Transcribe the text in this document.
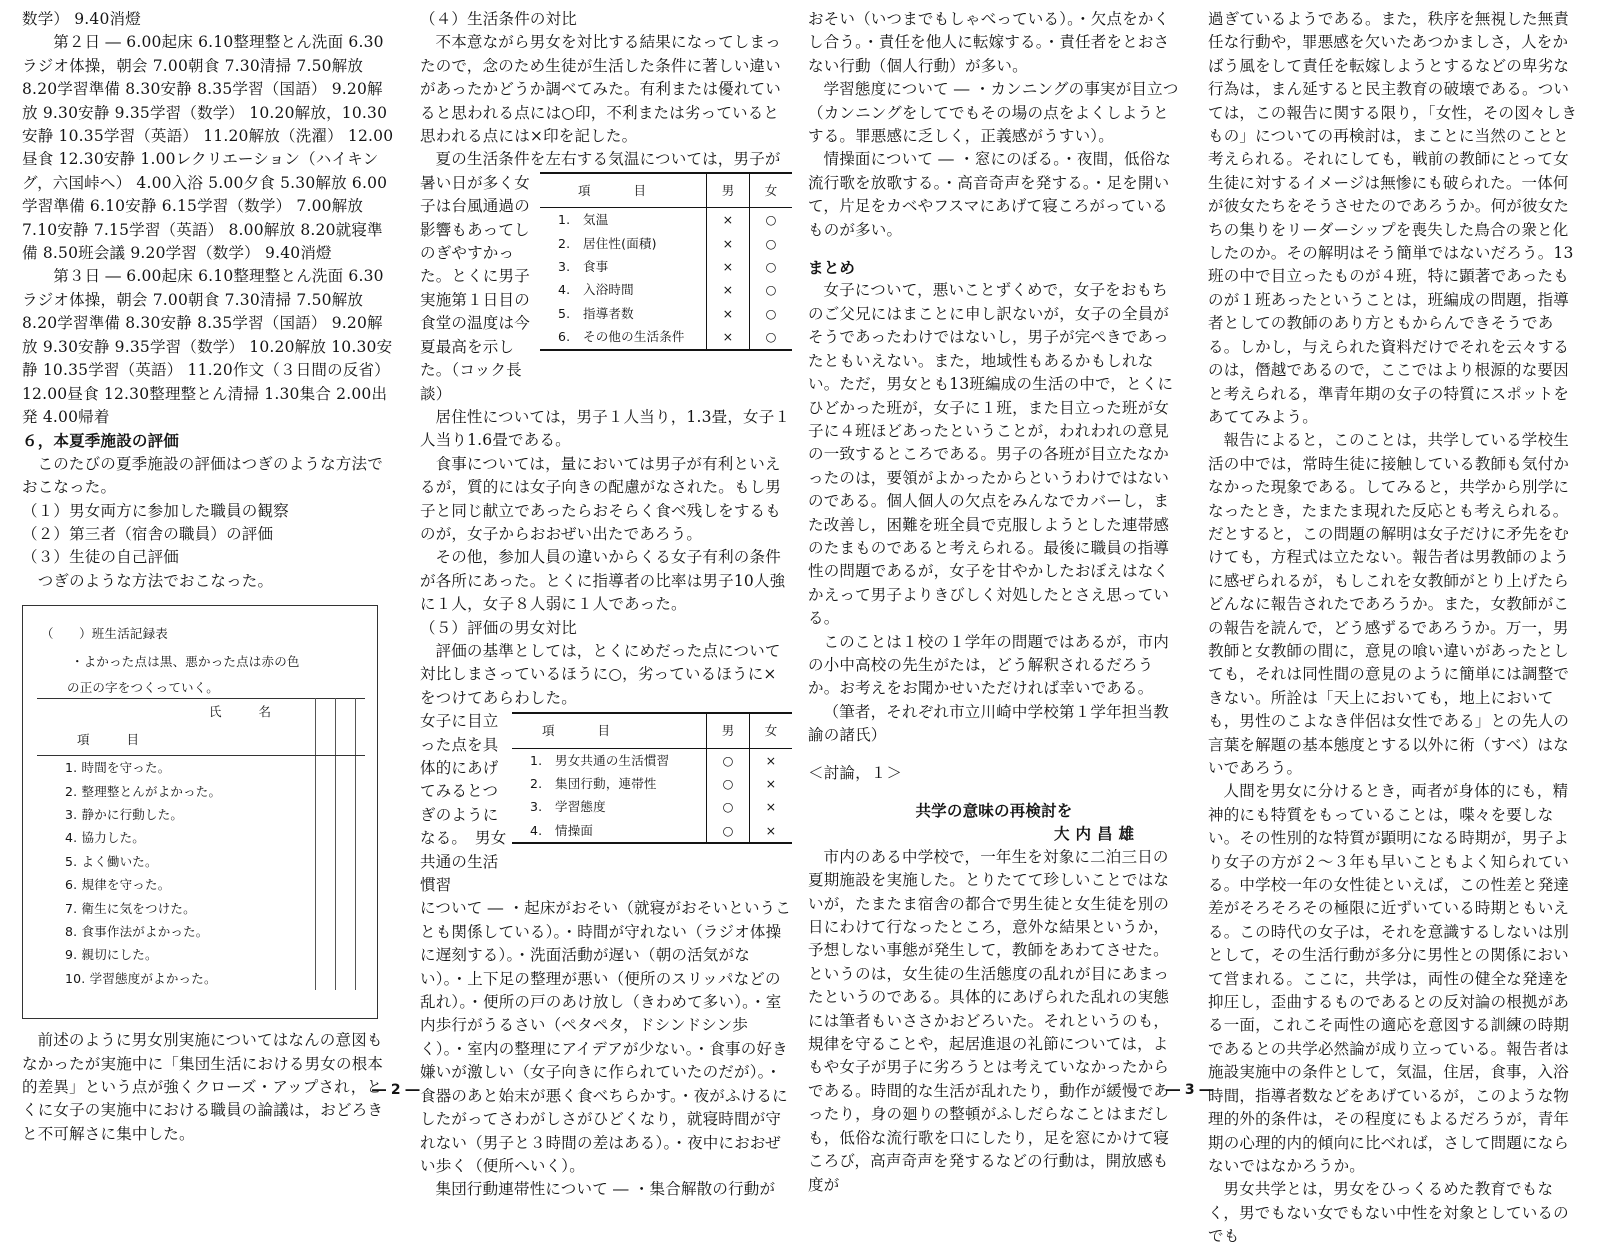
数学） 9.40消燈

　第２日 ― 6.00起床 6.10整理整とん洗面 6.30ラジオ体操，朝会 7.00朝食 7.30清掃 7.50解放 8.20学習準備 8.30安静 8.35学習（国語） 9.20解放 9.30安静 9.35学習（数学） 10.20解放，10.30安静 10.35学習（英語） 11.20解放（洗濯） 12.00昼食 12.30安静 1.00レクリエーション（ハイキング，六国峠へ） 4.00入浴 5.00夕食 5.30解放 6.00学習準備 6.10安静 6.15学習（数学） 7.00解放 7.10安静 7.15学習（英語） 8.00解放 8.20就寝準備 8.50班会議 9.20学習（数学） 9.40消燈

　第３日 ― 6.00起床 6.10整理整とん洗面 6.30ラジオ体操，朝会 7.00朝食 7.30清掃 7.50解放 8.20学習準備 8.30安静 8.35学習（国語） 9.20解放 9.30安静 9.35学習（数学） 10.20解放 10.30安静 10.35学習（英語） 11.20作文（３日間の反省） 12.00昼食 12.30整理整とん清掃 1.30集合 2.00出発 4.00帰着

６，本夏季施設の評価

このたびの夏季施設の評価はつぎのような方法でおこなった。

（１）男女両方に参加した職員の観察

（２）第三者（宿舎の職員）の評価

（３）生徒の自己評価

　つぎのような方法でおこなった。

（　　）班生活記録表
・よかった点は黒、悪かった点は赤の色
の正の字をつくっていく。
氏　　名			
項　　目			
1. 時間を守った。			
2. 整理整とんがよかった。			
3. 静かに行動した。			
4. 協力した。			
5. よく働いた。			
6. 規律を守った。			
7. 衛生に気をつけた。			
8. 食事作法がよかった。			
9. 親切にした。			
10. 学習態度がよかった。			

前述のように男女別実施についてはなんの意図もなかったが実施中に「集団生活における男女の根本的差異」という点が強くクローズ・アップされ，とくに女子の実施中における職員の論議は，おどろきと不可解さに集中した。

（４）生活条件の対比

不本意ながら男女を対比する結果になってしまったので，念のため生徒が生活した条件に著しい違いがあったかどうか調べてみた。有利または優れていると思われる点には○印，不利または劣っていると思われる点には×印を記した。

夏の生活条件を左右する気温については，男子が

暑い日が多く女子は台風通過の影響もあってしのぎやすかった。とくに男子実施第１日目の食堂の温度は今夏最高を示した。（コック長談）
項　　目	男	女
1.　気温	×	○
2.　居住性(面積)	×	○
3.　食事	×	○
4.　入浴時間	×	○
5.　指導者数	×	○
6.　その他の生活条件	×	○

居住性については，男子１人当り，1.3畳，女子１人当り1.6畳である。

食事については，量においては男子が有利といえるが，質的には女子向きの配慮がなされた。もし男子と同じ献立であったらおそらく食べ残しをするものが，女子からおおぜい出たであろう。

その他，参加人員の違いからくる女子有利の条件が各所にあった。とくに指導者の比率は男子10人強に１人，女子８人弱に１人であった。

（５）評価の男女対比

評価の基準としては，とくにめだった点について対比しまさっているほうに○，劣っているほうに×をつけてあらわした。

女子に目立った点を具体的にあげてみるとつぎのようになる。　男女共通の生活慣習
項　　目	男	女
1.　男女共通の生活慣習	○	×
2.　集団行動，連帯性	○	×
3.　学習態度	○	×
4.　情操面	○	×

について ― ・起床がおそい（就寝がおそいということも関係している）。・時間が守れない（ラジオ体操に遅刻する）。・洗面活動が遅い（朝の活気がない）。・上下足の整理が悪い（便所のスリッパなどの乱れ）。・便所の戸のあけ放し（きわめて多い）。・室内歩行がうるさい（ペタペタ，ドシンドシン歩く）。・室内の整理にアイデアが少ない。・食事の好き嫌いが激しい（女子向きに作られていたのだが）。・食器のあと始末が悪く食べちらかす。・夜がふけるにしたがってさわがしさがひどくなり，就寝時間が守れない（男子と３時間の差はある）。・夜中におおぜい歩く（便所へいく）。

集団行動連帯性について ― ・集合解散の行動が

おそい（いつまでもしゃべっている）。・欠点をかくし合う。・責任を他人に転嫁する。・責任者をとおさない行動（個人行動）が多い。

学習態度について ― ・カンニングの事実が目立つ（カンニングをしてでもその場の点をよくしようとする。罪悪感に乏しく，正義感がうすい）。

情操面について ― ・窓にのぼる。・夜間，低俗な流行歌を放歌する。・高音奇声を発する。・足を開いて，片足をカベやフスマにあげて寝ころがっているものが多い。

まとめ

女子について，悪いことずくめで，女子をおもちのご父兄にはまことに申し訳ないが，女子の全員がそうであったわけではないし，男子が完ぺきであったともいえない。また，地域性もあるかもしれない。ただ，男女とも13班編成の生活の中で，とくにひどかった班が，女子に１班，また目立った班が女子に４班ほどあったということが，われわれの意見の一致するところである。男子の各班が目立たなかったのは，要領がよかったからというわけではないのである。個人個人の欠点をみんなでカバーし，また改善し，困難を班全員で克服しようとした連帯感のたまものであると考えられる。最後に職員の指導性の問題であるが，女子を甘やかしたおぼえはなくかえって男子よりきびしく対処したとさえ思っている。

このことは１校の１学年の問題ではあるが，市内の小中高校の先生がたは，どう解釈されるだろうか。お考えをお聞かせいただければ幸いである。

（筆者，それぞれ市立川崎中学校第１学年担当教諭の諸氏）

＜討論，１＞

共学の意味の再検討を

大内昌雄

市内のある中学校で，一年生を対象に二泊三日の夏期施設を実施した。とりたてて珍しいことではないが，たまたま宿舎の都合で男生徒と女生徒を別の日にわけて行なったところ，意外な結果というか，予想しない事態が発生して，教師をあわてさせた。というのは，女生徒の生活態度の乱れが目にあまったというのである。具体的にあげられた乱れの実態には筆者もいささかおどろいた。それというのも，規律を守ることや，起居進退の礼節については，よもや女子が男子に劣ろうとは考えていなかったからである。時間的な生活が乱れたり，動作が緩慢であったり，身の廻りの整頓がふしだらなことはまだしも，低俗な流行歌を口にしたり，足を窓にかけて寝ころび，高声奇声を発するなどの行動は，開放感も度が

過ぎているようである。また，秩序を無視した無責任な行動や，罪悪感を欠いたあつかましさ，人をかばう風をして責任を転嫁しようとするなどの卑劣な行為は，まん延すると民主教育の破壊である。ついては，この報告に関する限り，「女性，その図々しきもの」についての再検討は，まことに当然のことと考えられる。それにしても，戦前の教師にとって女生徒に対するイメージは無惨にも破られた。一体何が彼女たちをそうさせたのであろうか。何が彼女たちの集りをリーダーシップを喪失した鳥合の衆と化したのか。その解明はそう簡単ではないだろう。13班の中で目立ったものが４班，特に顕著であったものが１班あったということは，班編成の問題，指導者としての教師のあり方ともからんできそうである。しかし，与えられた資料だけでそれを云々するのは，僭越であるので，ここではより根源的な要因と考えられる，準青年期の女子の特質にスポットをあててみよう。

報告によると，このことは，共学している学校生活の中では，常時生徒に接触している教師も気付かなかった現象である。してみると，共学から別学になったとき，たまたま現れた反応とも考えられる。だとすると，この問題の解明は女子だけに矛先をむけても，方程式は立たない。報告者は男教師のように感ぜられるが，もしこれを女教師がとり上げたらどんなに報告されたであろうか。また，女教師がこの報告を読んで，どう感ずるであろうか。万一，男教師と女教師の間に，意見の喰い違いがあったとしても，それは同性間の意見のように簡単には調整できない。所詮は「天上においても，地上においても，男性のこよなき伴侶は女性である」との先人の言葉を解題の基本態度とする以外に術（すべ）はないであろう。

人間を男女に分けるとき，両者が身体的にも，精神的にも特質をもっていることは，喋々を要しない。その性別的な特質が顕明になる時期が，男子より女子の方が２～３年も早いこともよく知られている。中学校一年の女性徒といえば，この性差と発達差がそろそろその極限に近ずいている時期ともいえる。この時代の女子は，それを意識するしないは別として，その生活行動が多分に男性との関係において営まれる。ここに，共学は，両性の健全な発達を抑圧し，歪曲するものであるとの反対論の根拠がある一面，これこそ両性の適応を意図する訓練の時期であるとの共学必然論が成り立っている。報告者は施設実施中の条件として，気温，住居，食事，入浴時間，指導者数などをあげているが，このような物理的外的条件は，その程度にもよるだろうが，青年期の心理的内的傾向に比べれば，さして問題にならないではなかろうか。

男女共学とは，男女をひっくるめた教育でもなく，男でもない女でもない中性を対象としているのでも

― 2 ―	― 3 ―
